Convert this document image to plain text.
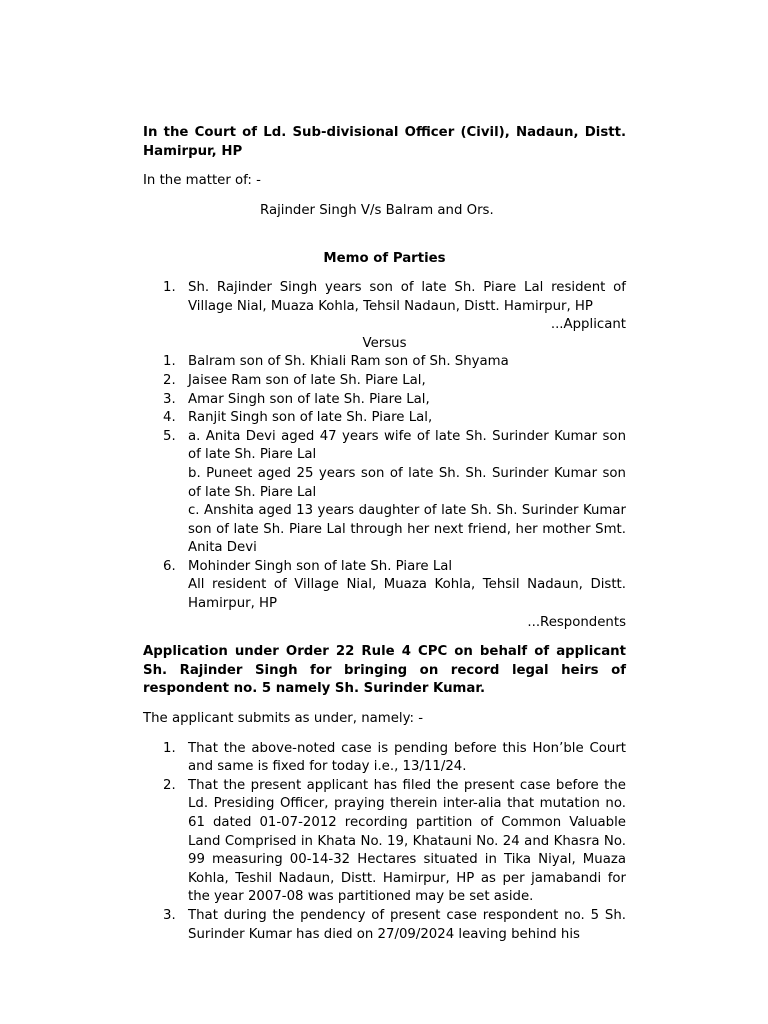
In the Court of Ld. Sub-divisional Officer (Civil), Nadaun, Distt. Hamirpur, HP

In the matter of: -

Rajinder Singh V/s Balram and Ors.

Memo of Parties

1. Sh. Rajinder Singh years son of late Sh. Piare Lal resident of Village Nial, Muaza Kohla, Tehsil Nadaun, Distt. Hamirpur, HP

...Applicant

Versus

1. Balram son of Sh. Khiali Ram son of Sh. Shyama
2. Jaisee Ram son of late Sh. Piare Lal,
3. Amar Singh son of late Sh. Piare Lal,
4. Ranjit Singh son of late Sh. Piare Lal,
5. a. Anita Devi aged 47 years wife of late Sh. Surinder Kumar son of late Sh. Piare Lal
b. Puneet aged 25 years son of late Sh. Sh. Surinder Kumar son of late Sh. Piare Lal
c. Anshita aged 13 years daughter of late Sh. Sh. Surinder Kumar son of late Sh. Piare Lal through her next friend, her mother Smt. Anita Devi
6. Mohinder Singh son of late Sh. Piare Lal
All resident of Village Nial, Muaza Kohla, Tehsil Nadaun, Distt. Hamirpur, HP

...Respondents

Application under Order 22 Rule 4 CPC on behalf of applicant Sh. Rajinder Singh for bringing on record legal heirs of respondent no. 5 namely Sh. Surinder Kumar.

The applicant submits as under, namely: -

1. That the above-noted case is pending before this Hon’ble Court and same is fixed for today i.e., 13/11/24.
2. That the present applicant has filed the present case before the Ld. Presiding Officer, praying therein inter-alia that mutation no. 61 dated 01-07-2012 recording partition of Common Valuable Land Comprised in Khata No. 19, Khatauni No. 24 and Khasra No. 99 measuring 00-14-32 Hectares situated in Tika Niyal, Muaza Kohla, Teshil Nadaun, Distt. Hamirpur, HP as per jamabandi for the year 2007-08 was partitioned may be set aside.
3. That during the pendency of present case respondent no. 5 Sh. Surinder Kumar has died on 27/09/2024 leaving behind his
